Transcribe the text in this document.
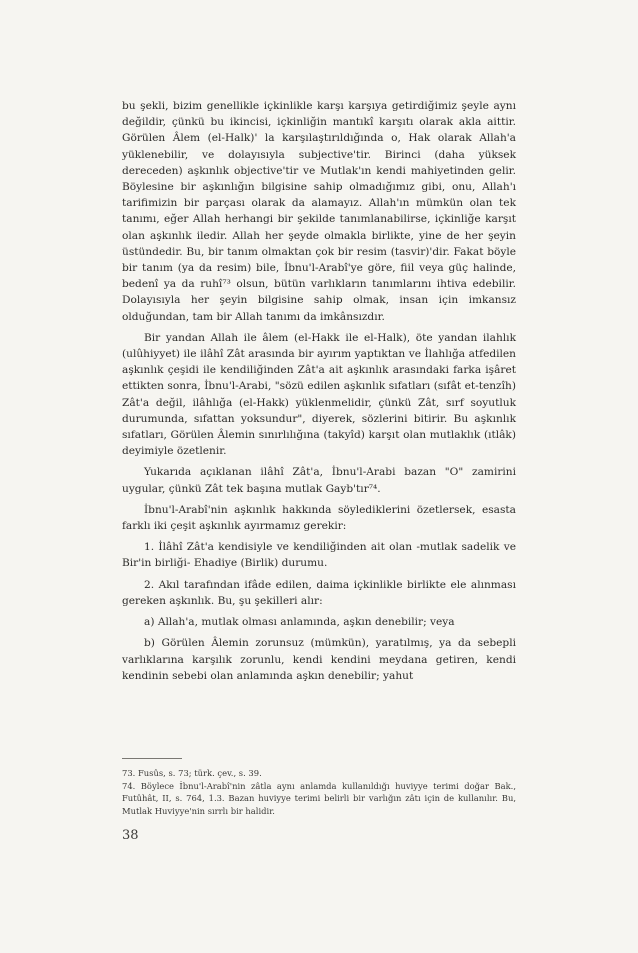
bu şekli, bizim genellikle içkinlikle karşı karşıya getirdiğimiz şeyle aynı değildir, çünkü bu ikincisi, içkinliğin mantıkî karşıtı olarak akla aittir. Görülen Âlem (el-Halk)' la karşılaştırıldığında o, Hak olarak Allah'a yüklenebilir, ve dolayısıyla subjective'tir. Birinci (daha yüksek dereceden) aşkınlık objective'tir ve Mutlak'ın kendi mahiyetinden gelir. Böylesine bir aşkınlığın bilgisine sahip olmadığımız gibi, onu, Allah'ı tarifimizin bir parçası olarak da alamayız. Allah'ın mümkün olan tek tanımı, eğer Allah herhangi bir şekilde tanımlanabilirse, içkinliğe karşıt olan aşkınlık iledir. Allah her şeyde olmakla birlikte, yine de her şeyin üstündedir. Bu, bir tanım olmaktan çok bir resim (tasvir)'dir. Fakat böyle bir tanım (ya da resim) bile, İbnu'l-Arabî'ye göre, fiil veya güç halinde, bedenî ya da ruhî⁷³ olsun, bütün varlıkların tanımlarını ihtiva edebilir. Dolayısıyla her şeyin bilgisine sahip olmak, insan için imkansız olduğundan, tam bir Allah tanımı da imkânsızdır.

Bir yandan Allah ile âlem (el-Hakk ile el-Halk), öte yandan ilahlık (ulûhiyyet) ile ilâhî Zât arasında bir ayırım yaptıktan ve İlahlığa atfedilen aşkınlık çeşidi ile kendiliğinden Zât'a ait aşkınlık arasındaki farka işâret ettikten sonra, İbnu'l-Arabi, "sözü edilen aşkınlık sıfatları (sıfât et-tenzîh) Zât'a değil, ilâhlığa (el-Hakk) yüklenmelidir, çünkü Zât, sırf soyutluk durumunda, sıfattan yoksundur", diyerek, sözlerini bitirir. Bu aşkınlık sıfatları, Görülen Âlemin sınırlılığına (takyîd) karşıt olan mutlaklık (ıtlâk) deyimiyle özetlenir.

Yukarıda açıklanan ilâhî Zât'a, İbnu'l-Arabi bazan "O" zamirini uygular, çünkü Zât tek başına mutlak Gayb'tır⁷⁴.

İbnu'l-Arabî'nin aşkınlık hakkında söylediklerini özetlersek, esasta farklı iki çeşit aşkınlık ayırmamız gerekir:

1. İlâhî Zât'a kendisiyle ve kendiliğinden ait olan -mutlak sadelik ve Bir'in birliği- Ehadiye (Birlik) durumu.

2. Akıl tarafından ifâde edilen, daima içkinlikle birlikte ele alınması gereken aşkınlık. Bu, şu şekilleri alır:

a) Allah'a, mutlak olması anlamında, aşkın denebilir; veya

b) Görülen Âlemin zorunsuz (mümkün), yaratılmış, ya da sebepli varlıklarına karşılık zorunlu, kendi kendini meydana getiren, kendi kendinin sebebi olan anlamında aşkın denebilir; yahut

73. Fusûs, s. 73; türk. çev., s. 39.

74. Böylece İbnu'l-Arabî'nin zâtla aynı anlamda kullanıldığı huviyye terimi doğar Bak., Futûhât, II, s. 764, 1.3. Bazan huviyye terimi belirli bir varlığın zâtı için de kullanılır. Bu, Mutlak Huviyye'nin sırrlı bir halidir.

38
